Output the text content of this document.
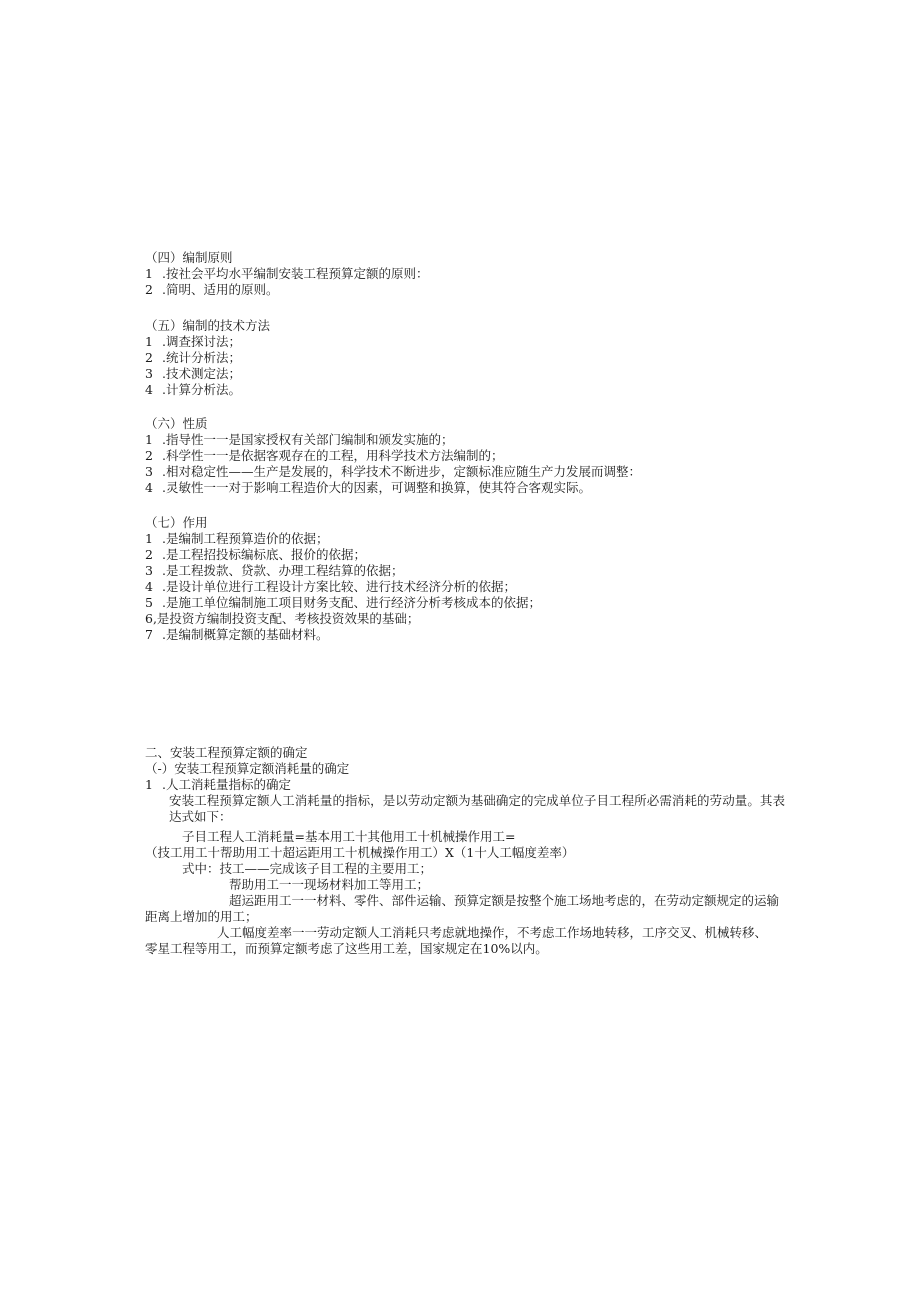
（四）编制原则
1 .按社会平均水平编制安装工程预算定额的原则：
2 .简明、适用的原则。
（五）编制的技术方法
1 .调查探讨法；
2 .统计分析法；
3 .技术测定法；
4 .计算分析法。
（六）性质
1 .指导性一一是国家授权有关部门编制和颁发实施的；
2 .科学性一一是依据客观存在的工程，用科学技术方法编制的；
3 .相对稳定性——生产是发展的，科学技术不断进步，定额标准应随生产力发展而调整：
4 .灵敏性一一对于影响工程造价大的因素，可调整和换算，使其符合客观实际。
（七）作用
1 .是编制工程预算造价的依据；
2 .是工程招投标编标底、报价的依据；
3 .是工程拨款、贷款、办理工程结算的依据；
4 .是设计单位进行工程设计方案比较、进行技术经济分析的依据；
5 .是施工单位编制施工项目财务支配、进行经济分析考核成本的依据；
6,是投资方编制投资支配、考核投资效果的基础；
7 .是编制概算定额的基础材料。
二、安装工程预算定额的确定
（-）安装工程预算定额消耗量的确定
1 .人工消耗量指标的确定
安装工程预算定额人工消耗量的指标，是以劳动定额为基础确定的完成单位子目工程所必需消耗的劳动量。其表达式如下：
子目工程人工消耗量=基本用工十其他用工十机械操作用工=
（技工用工十帮助用工十超运距用工十机械操作用工）X（1十人工幅度差率）
式中：技工——完成该子目工程的主要用工；
帮助用工一一现场材料加工等用工；
超运距用工一一材料、零件、部件运输、预算定额是按整个施工场地考虑的，在劳动定额规定的运输
距离上增加的用工；
人工幅度差率一一劳动定额人工消耗只考虑就地操作，不考虑工作场地转移，工序交叉、机械转移、
零星工程等用工，而预算定额考虑了这些用工差，国家规定在10%以内。
